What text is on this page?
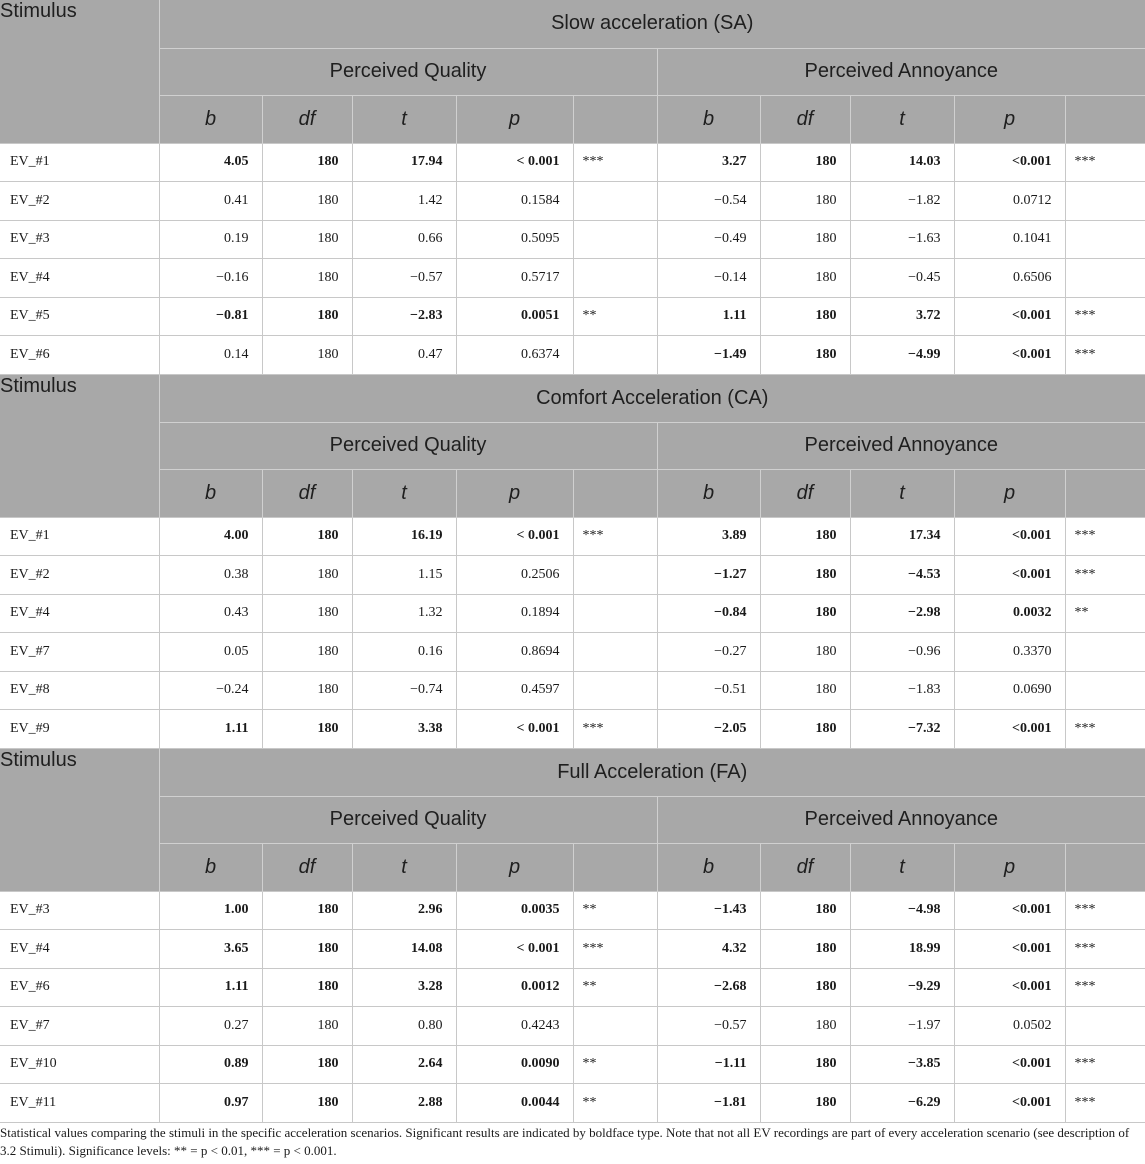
Stimulus	Slow acceleration (SA)									
	Perceived Quality					Perceived Annoyance				
	b	df	t	p		b	df	t	p	
EV_#1	4.05	180	17.94	< 0.001	***	3.27	180	14.03	<0.001	***
EV_#2	0.41	180	1.42	0.1584		−0.54	180	−1.82	0.0712	
EV_#3	0.19	180	0.66	0.5095		−0.49	180	−1.63	0.1041	
EV_#4	−0.16	180	−0.57	0.5717		−0.14	180	−0.45	0.6506	
EV_#5	−0.81	180	−2.83	0.0051	**	1.11	180	3.72	<0.001	***
EV_#6	0.14	180	0.47	0.6374		−1.49	180	−4.99	<0.001	***
Stimulus	Comfort Acceleration (CA)									
	Perceived Quality					Perceived Annoyance				
	b	df	t	p		b	df	t	p	
EV_#1	4.00	180	16.19	< 0.001	***	3.89	180	17.34	<0.001	***
EV_#2	0.38	180	1.15	0.2506		−1.27	180	−4.53	<0.001	***
EV_#4	0.43	180	1.32	0.1894		−0.84	180	−2.98	0.0032	**
EV_#7	0.05	180	0.16	0.8694		−0.27	180	−0.96	0.3370	
EV_#8	−0.24	180	−0.74	0.4597		−0.51	180	−1.83	0.0690	
EV_#9	1.11	180	3.38	< 0.001	***	−2.05	180	−7.32	<0.001	***
Stimulus	Full Acceleration (FA)									
	Perceived Quality					Perceived Annoyance				
	b	df	t	p		b	df	t	p	
EV_#3	1.00	180	2.96	0.0035	**	−1.43	180	−4.98	<0.001	***
EV_#4	3.65	180	14.08	< 0.001	***	4.32	180	18.99	<0.001	***
EV_#6	1.11	180	3.28	0.0012	**	−2.68	180	−9.29	<0.001	***
EV_#7	0.27	180	0.80	0.4243		−0.57	180	−1.97	0.0502	
EV_#10	0.89	180	2.64	0.0090	**	−1.11	180	−3.85	<0.001	***
EV_#11	0.97	180	2.88	0.0044	**	−1.81	180	−6.29	<0.001	***

Statistical values comparing the stimuli in the specific acceleration scenarios. Significant results are indicated by boldface type. Note that not all EV recordings are part of every acceleration scenario (see description of 3.2 Stimuli). Significance levels: ** = p < 0.01, *** = p < 0.001.
